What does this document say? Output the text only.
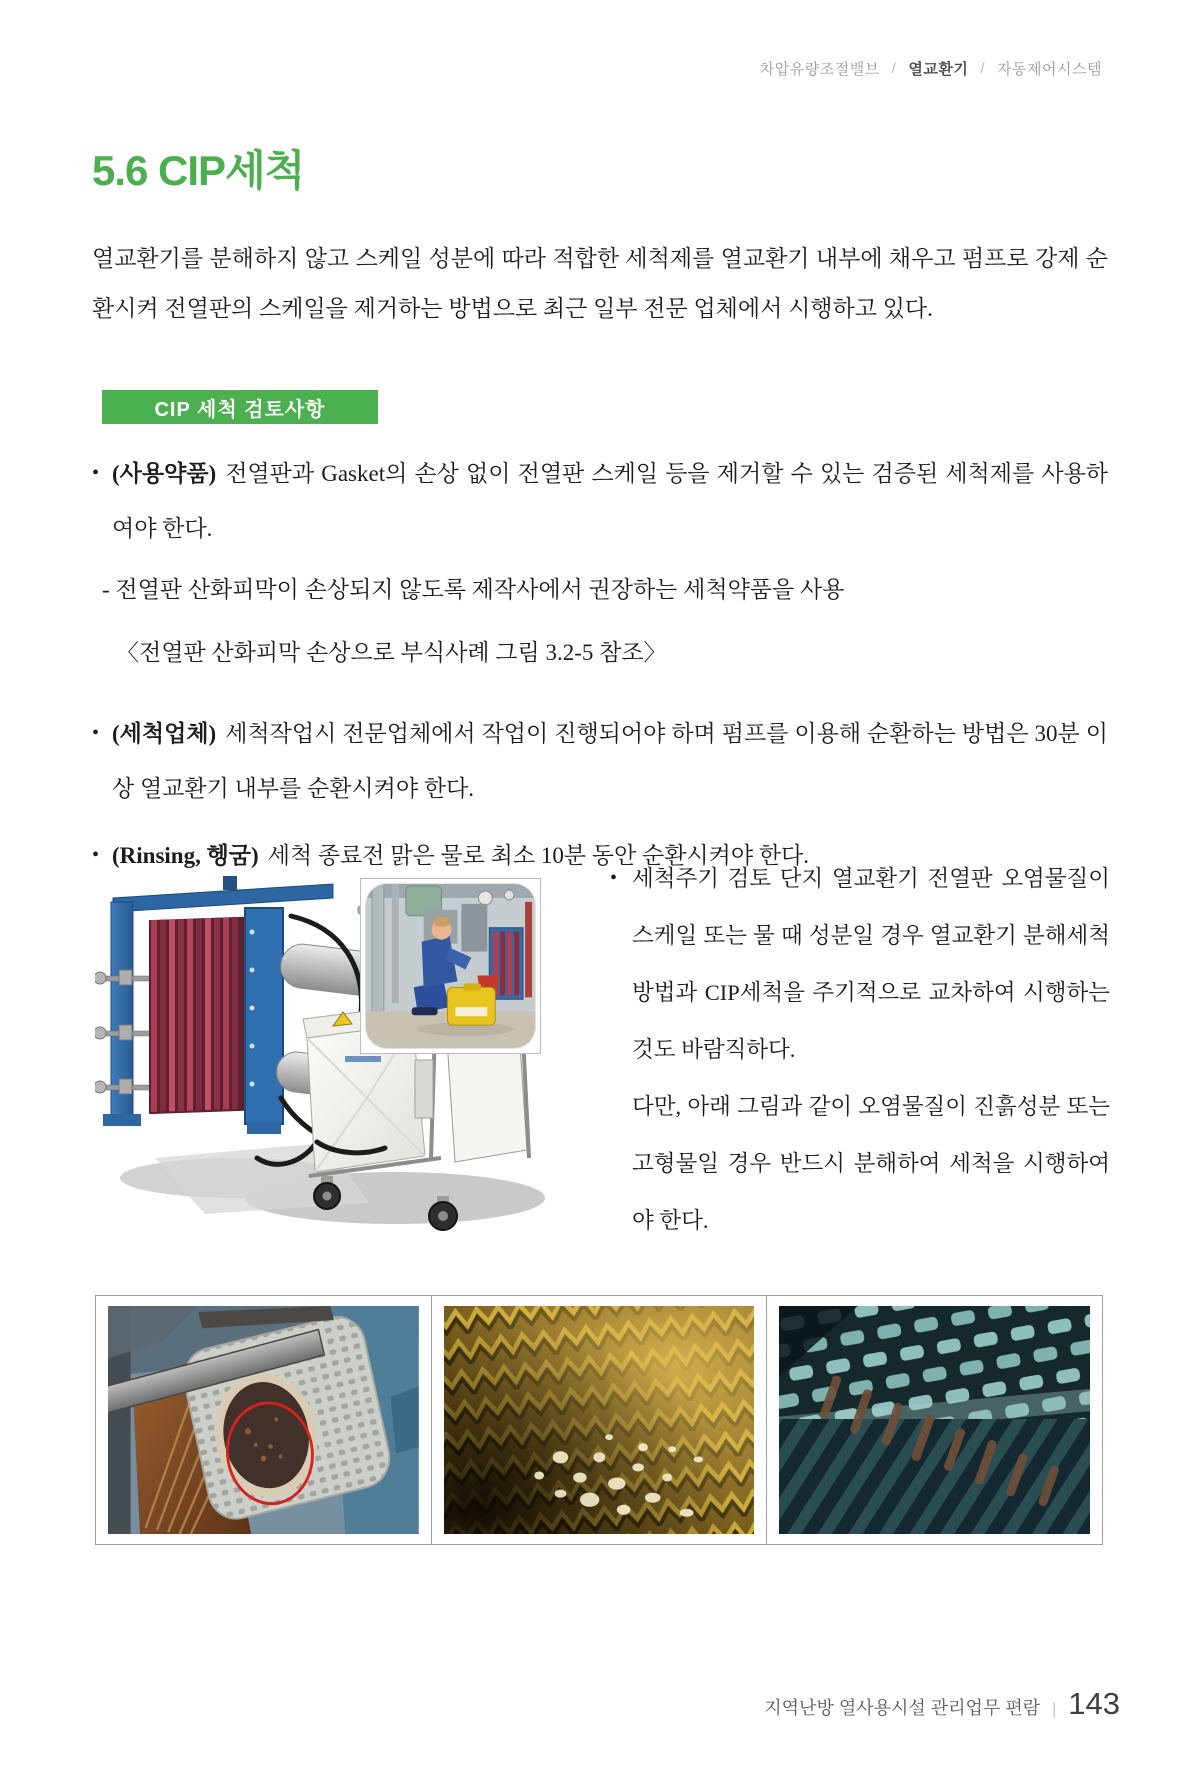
차압유량조절밸브 / 열교환기 / 자동제어시스템
5.6 CIP세척
열교환기를 분해하지 않고 스케일 성분에 따라 적합한 세척제를 열교환기 내부에 채우고 펌프로 강제 순환시켜 전열판의 스케일을 제거하는 방법으로 최근 일부 전문 업체에서 시행하고 있다.
CIP 세척 검토사항
• (사용약품) 전열판과 Gasket의 손상 없이 전열판 스케일 등을 제거할 수 있는 검증된 세척제를 사용하여야 한다.
- 전열판 산화피막이 손상되지 않도록 제작사에서 권장하는 세척약품을 사용
〈전열판 산화피막 손상으로 부식사례 그림 3.2-5 참조〉
• (세척업체) 세척작업시 전문업체에서 작업이 진행되어야 하며 펌프를 이용해 순환하는 방법은 30분 이상 열교환기 내부를 순환시켜야 한다.
• (Rinsing, 헹굼) 세척 종료전 맑은 물로 최소 10분 동안 순환시켜야 한다.
• 세척주기 검토 단지 열교환기 전열판 오염물질이 스케일 또는 물 때 성분일 경우 열교환기 분해세척 방법과 CIP세척을 주기적으로 교차하여 시행하는 것도 바람직하다.
다만, 아래 그림과 같이 오염물질이 진흙성분 또는 고형물일 경우 반드시 분해하여 세척을 시행하여야 한다.
지역난방 열사용시설 관리업무 편람 | 143
